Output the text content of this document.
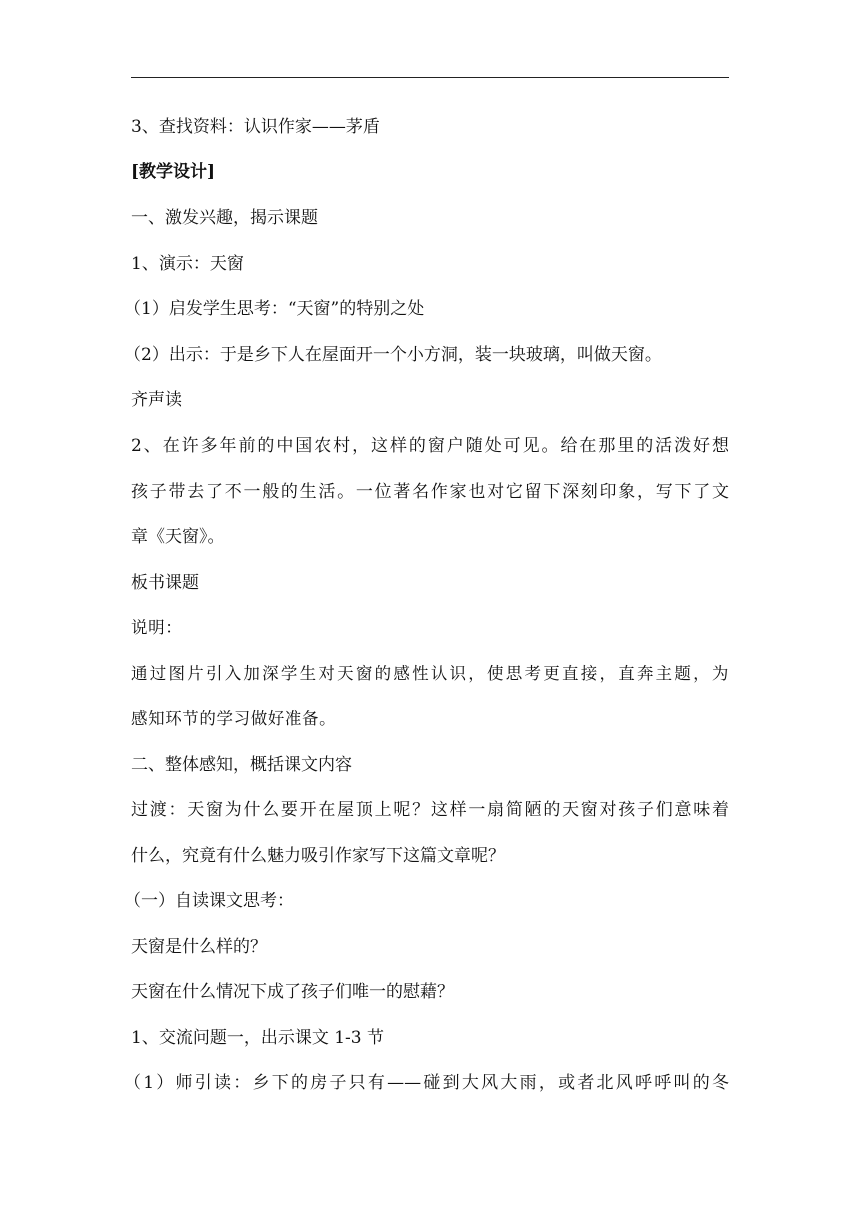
3、查找资料：认识作家——茅盾
[教学设计]
一、激发兴趣，揭示课题
1、演示：天窗
（1）启发学生思考：“天窗”的特别之处
（2）出示：于是乡下人在屋面开一个小方洞，装一块玻璃，叫做天窗。
齐声读
2、在许多年前的中国农村，这样的窗户随处可见。给在那里的活泼好想
孩子带去了不一般的生活。一位著名作家也对它留下深刻印象，写下了文
章《天窗》。
板书课题
说明：
通过图片引入加深学生对天窗的感性认识，使思考更直接，直奔主题，为
感知环节的学习做好准备。
二、整体感知，概括课文内容
过渡：天窗为什么要开在屋顶上呢？这样一扇简陋的天窗对孩子们意味着
什么，究竟有什么魅力吸引作家写下这篇文章呢？
（一）自读课文思考：
天窗是什么样的？
天窗在什么情况下成了孩子们唯一的慰藉？
1、交流问题一，出示课文 1-3 节
（1）师引读：乡下的房子只有——碰到大风大雨，或者北风呼呼叫的冬
